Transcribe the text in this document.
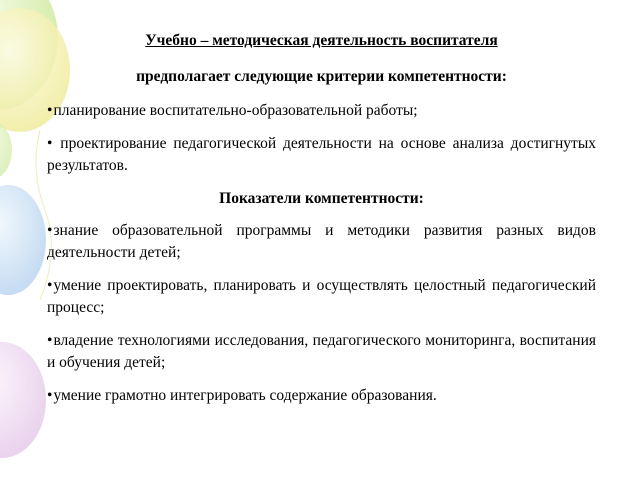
Учебно – методическая деятельность воспитателя

предполагает следующие критерии компетентности:

•планирование воспитательно-образовательной работы;

• проектирование педагогической деятельности на основе анализа достигнутых результатов.

Показатели компетентности:

•знание образовательной программы и методики развития разных видов деятельности детей;

•умение проектировать, планировать и осуществлять целостный педагогический процесс;

•владение технологиями исследования, педагогического мониторинга, воспитания и обучения детей;

•умение грамотно интегрировать содержание образования.
